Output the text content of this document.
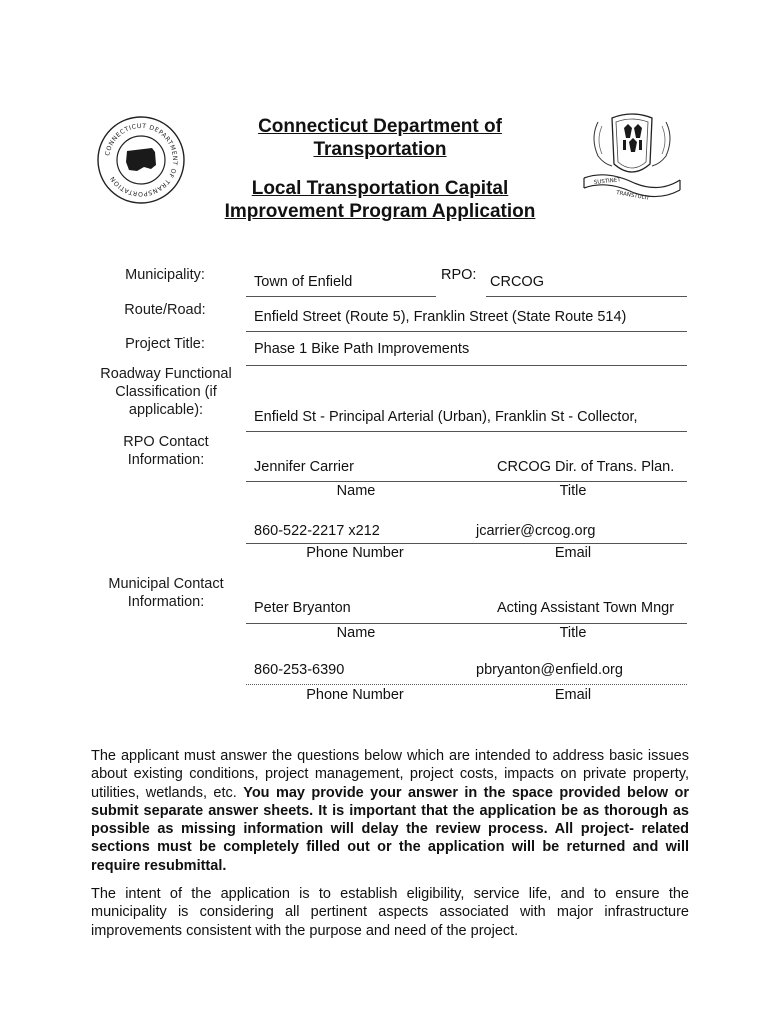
CONNECTICUT DEPARTMENT OF TRANSPORTATION
Connecticut Department of
Transportation
Local Transportation Capital
Improvement Program Application
SUSTINET
TRANSTULIT
Municipality:	Town of Enfield	RPO: CRCOG
Route/Road:	Enfield Street (Route 5), Franklin Street (State Route 514)
Project Title:	Phase 1 Bike Path Improvements
Roadway Functional
Classification (if
applicable):	Enfield St - Principal Arterial (Urban), Franklin St - Collector,
RPO Contact
Information:	Jennifer Carrier	CRCOG Dir. of Trans. Plan.
Name	Title
860-522-2217 x212	jcarrier@crcog.org
Phone Number	Email
Municipal Contact
Information:	Peter Bryanton	Acting Assistant Town Mngr
Name	Title
860-253-6390	pbryanton@enfield.org
Phone Number	Email
The applicant must answer the questions below which are intended to address basic issues about existing conditions, project management, project costs, impacts on private property, utilities, wetlands, etc. You may provide your answer in the space provided below or submit separate answer sheets. It is important that the application be as thorough as possible as missing information will delay the review process. All project- related sections must be completely filled out or the application will be returned and will require resubmittal.
The intent of the application is to establish eligibility, service life, and to ensure the municipality is considering all pertinent aspects associated with major infrastructure improvements consistent with the purpose and need of the project.
